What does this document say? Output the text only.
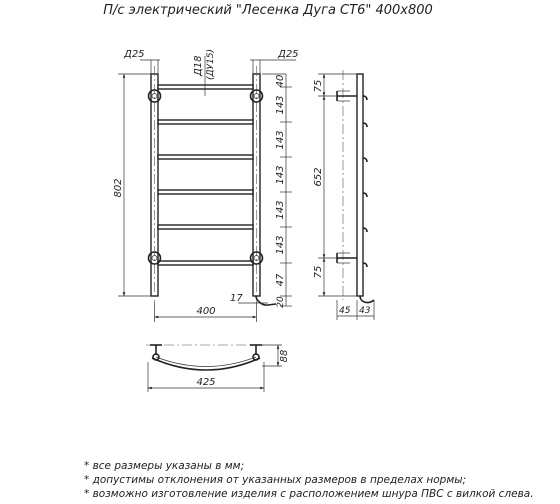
П/с электрический "Лесенка Дуга СТ6" 400х800
Д25	Д25
Д18 (ДУ15)
802
400
17
40
143
143
143
143
143
47
20
75
652
75
45 43
425
88
* все размеры указаны в мм;
* допустимы отклонения от указанных размеров в пределах нормы;
* возможно изготовление изделия с расположением шнура ПВС с вилкой слева.
